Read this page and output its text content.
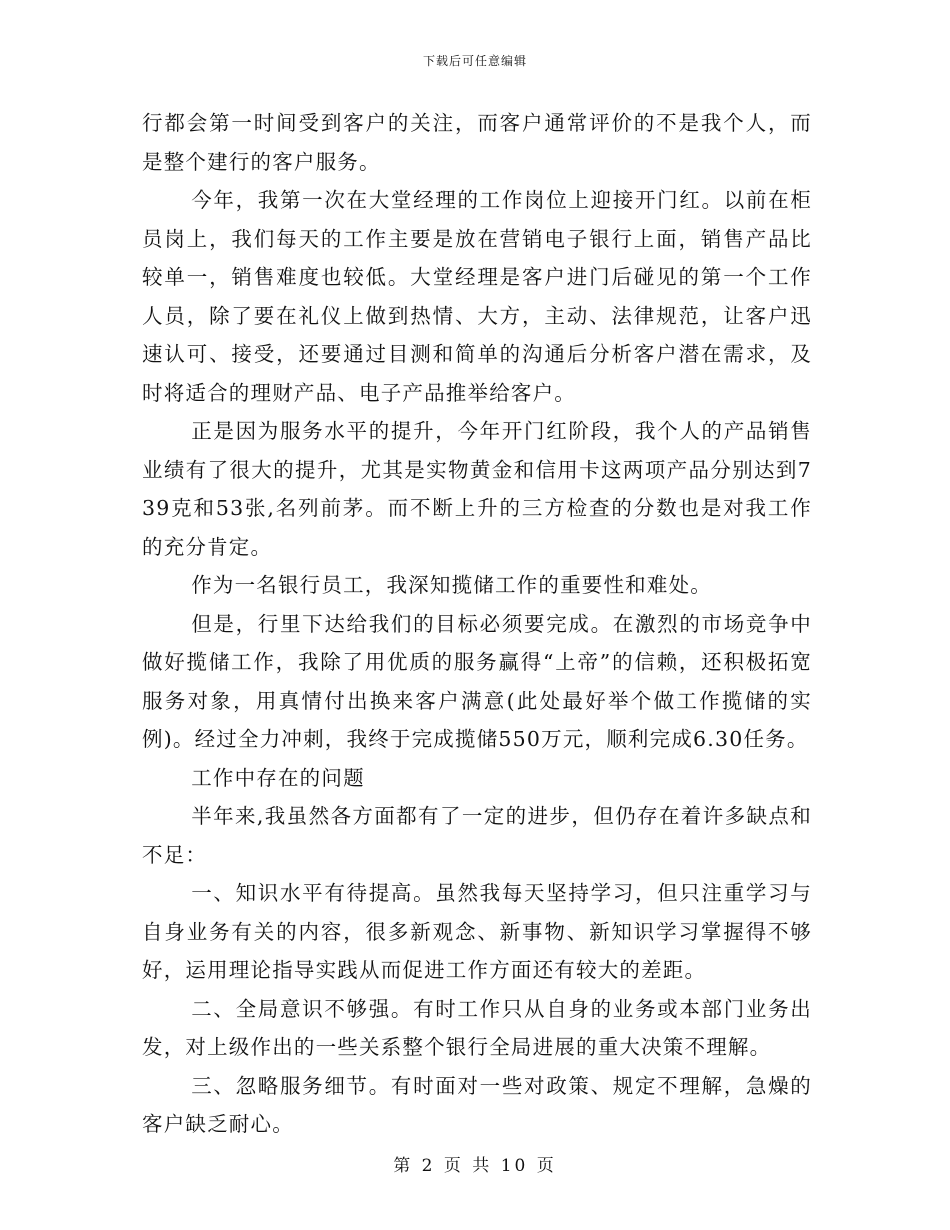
下载后可任意编辑

行都会第一时间受到客户的关注，而客户通常评价的不是我个人，而是整个建行的客户服务。

今年，我第一次在大堂经理的工作岗位上迎接开门红。以前在柜员岗上，我们每天的工作主要是放在营销电子银行上面，销售产品比较单一，销售难度也较低。大堂经理是客户进门后碰见的第一个工作人员，除了要在礼仪上做到热情、大方，主动、法律规范，让客户迅速认可、接受，还要通过目测和简单的沟通后分析客户潜在需求，及时将适合的理财产品、电子产品推举给客户。

正是因为服务水平的提升，今年开门红阶段，我个人的产品销售业绩有了很大的提升，尤其是实物黄金和信用卡这两项产品分别达到739克和53张,名列前茅。而不断上升的三方检查的分数也是对我工作的充分肯定。

作为一名银行员工，我深知揽储工作的重要性和难处。

但是，行里下达给我们的目标必须要完成。在激烈的市场竞争中做好揽储工作，我除了用优质的服务赢得“上帝”的信赖，还积极拓宽服务对象，用真情付出换来客户满意(此处最好举个做工作揽储的实例)。经过全力冲刺，我终于完成揽储550万元，顺利完成6.30任务。

工作中存在的问题

半年来,我虽然各方面都有了一定的进步，但仍存在着许多缺点和不足：

一、知识水平有待提高。虽然我每天坚持学习，但只注重学习与自身业务有关的内容，很多新观念、新事物、新知识学习掌握得不够好，运用理论指导实践从而促进工作方面还有较大的差距。

二、全局意识不够强。有时工作只从自身的业务或本部门业务出发，对上级作出的一些关系整个银行全局进展的重大决策不理解。

三、忽略服务细节。有时面对一些对政策、规定不理解，急燥的客户缺乏耐心。

第 2 页 共 10 页
